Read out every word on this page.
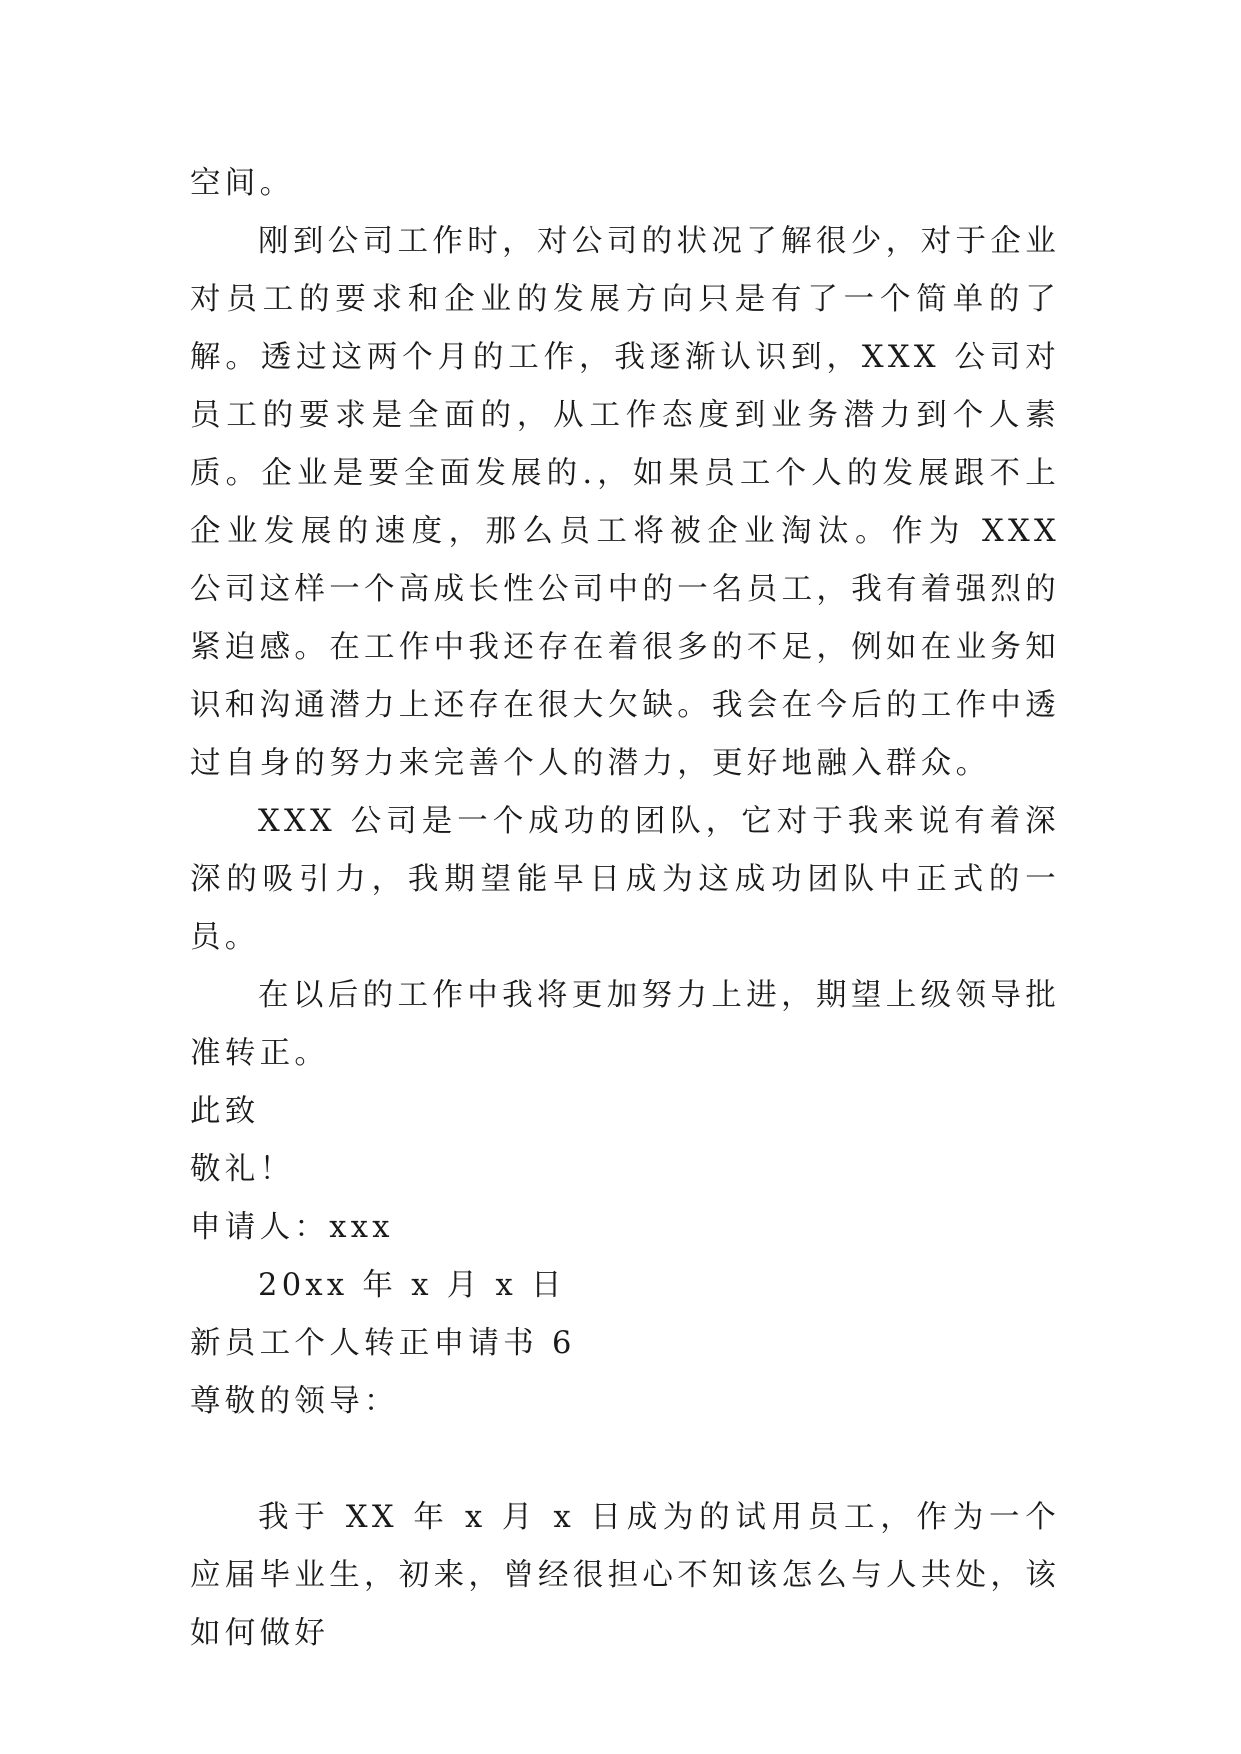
空间。

刚到公司工作时，对公司的状况了解很少，对于企业对员工的要求和企业的发展方向只是有了一个简单的了解。透过这两个月的工作，我逐渐认识到，XXX 公司对员工的要求是全面的，从工作态度到业务潜力到个人素质。企业是要全面发展的.，如果员工个人的发展跟不上企业发展的速度，那么员工将被企业淘汰。作为 XXX 公司这样一个高成长性公司中的一名员工，我有着强烈的紧迫感。在工作中我还存在着很多的不足，例如在业务知识和沟通潜力上还存在很大欠缺。我会在今后的工作中透过自身的努力来完善个人的潜力，更好地融入群众。

XXX 公司是一个成功的团队，它对于我来说有着深深的吸引力，我期望能早日成为这成功团队中正式的一员。

在以后的工作中我将更加努力上进，期望上级领导批准转正。

此致

敬礼！

申请人：xxx

20xx 年 x 月 x 日

新员工个人转正申请书 6

尊敬的领导：

我于 XX 年 x 月 x 日成为的试用员工，作为一个应届毕业生，初来，曾经很担心不知该怎么与人共处，该如何做好
